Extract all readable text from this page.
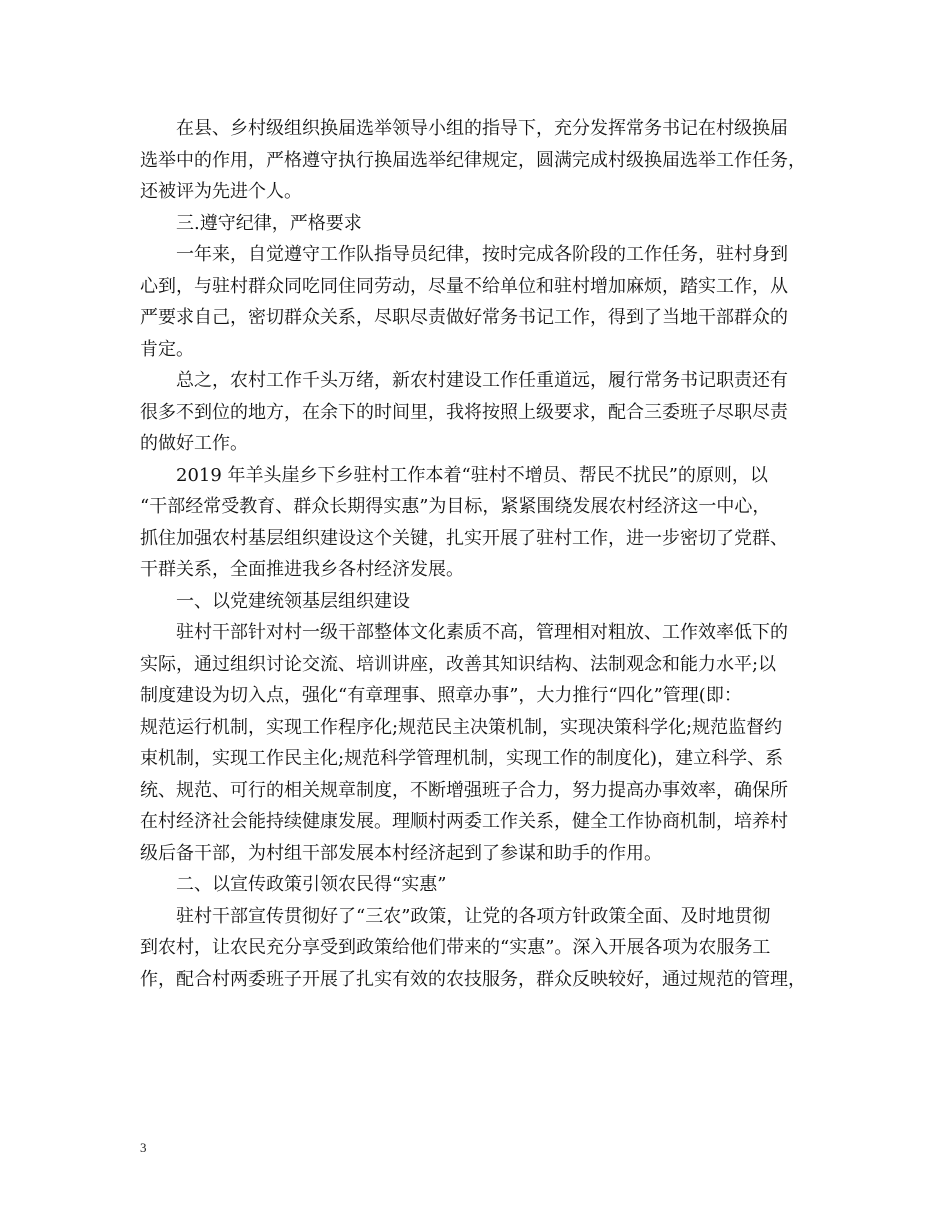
在县、乡村级组织换届选举领导小组的指导下，充分发挥常务书记在村级换届
选举中的作用，严格遵守执行换届选举纪律规定，圆满完成村级换届选举工作任务，
还被评为先进个人。

三.遵守纪律，严格要求

一年来，自觉遵守工作队指导员纪律，按时完成各阶段的工作任务，驻村身到
心到，与驻村群众同吃同住同劳动，尽量不给单位和驻村增加麻烦，踏实工作，从
严要求自己，密切群众关系，尽职尽责做好常务书记工作，得到了当地干部群众的
肯定。

总之，农村工作千头万绪，新农村建设工作任重道远，履行常务书记职责还有
很多不到位的地方，在余下的时间里，我将按照上级要求，配合三委班子尽职尽责
的做好工作。

2019 年羊头崖乡下乡驻村工作本着“驻村不增员、帮民不扰民”的原则，以
“干部经常受教育、群众长期得实惠”为目标，紧紧围绕发展农村经济这一中心，
抓住加强农村基层组织建设这个关键，扎实开展了驻村工作，进一步密切了党群、
干群关系，全面推进我乡各村经济发展。

一、以党建统领基层组织建设

驻村干部针对村一级干部整体文化素质不高，管理相对粗放、工作效率低下的
实际，通过组织讨论交流、培训讲座，改善其知识结构、法制观念和能力水平;以
制度建设为切入点，强化“有章理事、照章办事”，大力推行“四化”管理(即：
规范运行机制，实现工作程序化;规范民主决策机制，实现决策科学化;规范监督约
束机制，实现工作民主化;规范科学管理机制，实现工作的制度化)，建立科学、系
统、规范、可行的相关规章制度，不断增强班子合力，努力提高办事效率，确保所
在村经济社会能持续健康发展。理顺村两委工作关系，健全工作协商机制，培养村
级后备干部，为村组干部发展本村经济起到了参谋和助手的作用。

二、以宣传政策引领农民得“实惠”

驻村干部宣传贯彻好了“三农”政策，让党的各项方针政策全面、及时地贯彻
到农村，让农民充分享受到政策给他们带来的“实惠”。深入开展各项为农服务工
作，配合村两委班子开展了扎实有效的农技服务，群众反映较好，通过规范的管理，

3
